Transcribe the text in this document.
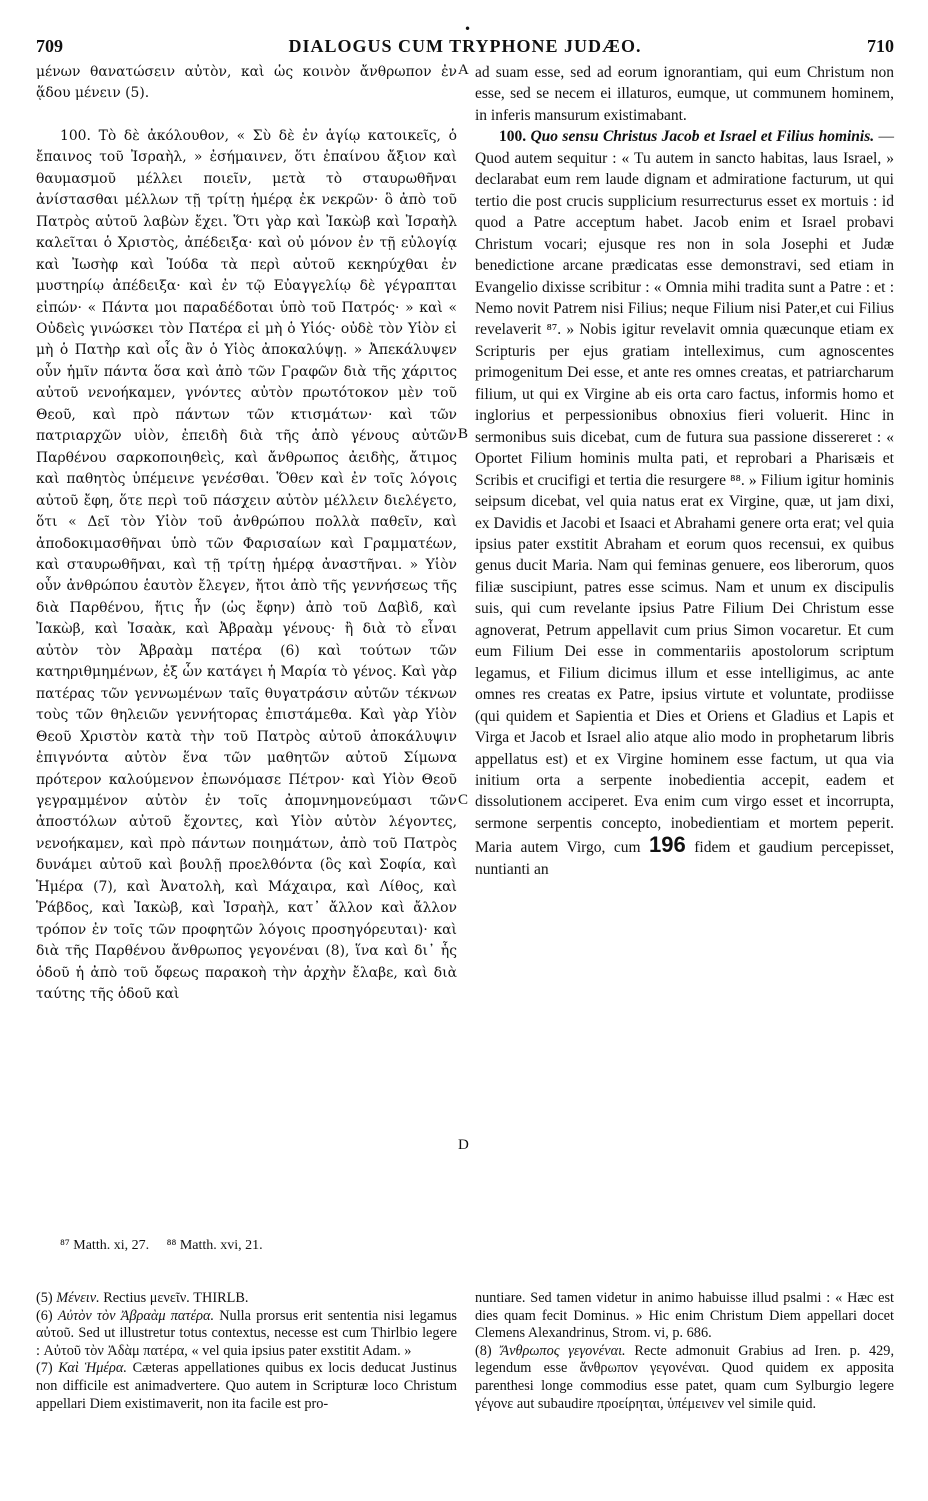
709	DIALOGUS CUM TRYPHONE JUDÆO.	710
•

μένων θανατώσειν αὐτὸν, καὶ ὡς κοινὸν ἄνθρωπον ἐν ᾅδου μένειν (5).

100. Τὸ δὲ ἀκόλουθον, « Σὺ δὲ ἐν ἁγίῳ κατοικεῖς, ὁ ἔπαινος τοῦ Ἰσραὴλ, » ἐσήμαινεν, ὅτι ἐπαίνου ἄξιον καὶ θαυμασμοῦ μέλλει ποιεῖν, μετὰ τὸ σταυρωθῆναι ἀνίστασθαι μέλλων τῇ τρίτῃ ἡμέρᾳ ἐκ νεκρῶν· ὃ ἀπὸ τοῦ Πατρὸς αὐτοῦ λαβὼν ἔχει. Ὅτι γὰρ καὶ Ἰακὼβ καὶ Ἰσραὴλ καλεῖται ὁ Χριστὸς, ἀπέδειξα· καὶ οὐ μόνον ἐν τῇ εὐλογίᾳ καὶ Ἰωσὴφ καὶ Ἰούδα τὰ περὶ αὐτοῦ κεκηρύχθαι ἐν μυστηρίῳ ἀπέδειξα· καὶ ἐν τῷ Εὐαγγελίῳ δὲ γέγραπται εἰπών· « Πάντα μοι παραδέδοται ὑπὸ τοῦ Πατρός· » καὶ « Οὐδεὶς γινώσκει τὸν Πατέρα εἰ μὴ ὁ Υἱός· οὐδὲ τὸν Υἱὸν εἰ μὴ ὁ Πατὴρ καὶ οἷς ἂν ὁ Υἱὸς ἀποκαλύψῃ. » Ἀπεκάλυψεν οὖν ἡμῖν πάντα ὅσα καὶ ἀπὸ τῶν Γραφῶν διὰ τῆς χάριτος αὐτοῦ νενοήκαμεν, γνόντες αὐτὸν πρωτότοκον μὲν τοῦ Θεοῦ, καὶ πρὸ πάντων τῶν κτισμάτων· καὶ τῶν πατριαρχῶν υἱὸν, ἐπειδὴ διὰ τῆς ἀπὸ γένους αὐτῶν Παρθένου σαρκοποιηθεὶς, καὶ ἄνθρωπος ἀειδὴς, ἄτιμος καὶ παθητὸς ὑπέμεινε γενέσθαι. Ὅθεν καὶ ἐν τοῖς λόγοις αὐτοῦ ἔφη, ὅτε περὶ τοῦ πάσχειν αὐτὸν μέλλειν διελέγετο, ὅτι « Δεῖ τὸν Υἱὸν τοῦ ἀνθρώπου πολλὰ παθεῖν, καὶ ἀποδοκιμασθῆναι ὑπὸ τῶν Φαρισαίων καὶ Γραμματέων, καὶ σταυρωθῆναι, καὶ τῇ τρίτῃ ἡμέρᾳ ἀναστῆναι. » Υἱὸν οὖν ἀνθρώπου ἑαυτὸν ἔλεγεν, ἤτοι ἀπὸ τῆς γεννήσεως τῆς διὰ Παρθένου, ἥτις ἦν (ὡς ἔφην) ἀπὸ τοῦ Δαβὶδ, καὶ Ἰακὼβ, καὶ Ἰσαὰκ, καὶ Ἀβραὰμ γένους· ἢ διὰ τὸ εἶναι αὐτὸν τὸν Ἀβραὰμ πατέρα (6) καὶ τούτων τῶν κατηριθμημένων, ἐξ ὧν κατάγει ἡ Μαρία τὸ γένος. Καὶ γὰρ πατέρας τῶν γεννωμένων ταῖς θυγατράσιν αὐτῶν τέκνων τοὺς τῶν θηλειῶν γεννήτορας ἐπιστάμεθα. Καὶ γὰρ Υἱὸν Θεοῦ Χριστὸν κατὰ τὴν τοῦ Πατρὸς αὐτοῦ ἀποκάλυψιν ἐπιγνόντα αὐτὸν ἕνα τῶν μαθητῶν αὐτοῦ Σίμωνα πρότερον καλούμενον ἐπωνόμασε Πέτρον· καὶ Υἱὸν Θεοῦ γεγραμμένον αὐτὸν ἐν τοῖς ἀπομνημονεύμασι τῶν ἀποστόλων αὐτοῦ ἔχοντες, καὶ Υἱὸν αὐτὸν λέγοντες, νενοήκαμεν, καὶ πρὸ πάντων ποιημάτων, ἀπὸ τοῦ Πατρὸς δυνάμει αὐτοῦ καὶ βουλῇ προελθόντα (ὃς καὶ Σοφία, καὶ Ἡμέρα (7), καὶ Ἀνατολὴ, καὶ Μάχαιρα, καὶ Λίθος, καὶ Ῥάβδος, καὶ Ἰακὼβ, καὶ Ἰσραὴλ, κατ᾽ ἄλλον καὶ ἄλλον τρόπον ἐν τοῖς τῶν προφητῶν λόγοις προσηγόρευται)· καὶ διὰ τῆς Παρθένου ἄνθρωπος γεγονέναι (8), ἵνα καὶ δι᾽ ἧς ὁδοῦ ἡ ἀπὸ τοῦ ὄφεως παρακοὴ τὴν ἀρχὴν ἔλαβε, καὶ διὰ ταύτης τῆς ὁδοῦ καὶ

A
B
C
D

ad suam esse, sed ad eorum ignorantiam, qui eum Christum non esse, sed se necem ei illaturos, eumque, ut communem hominem, in inferis mansurum existimabant.

100. Quo sensu Christus Jacob et Israel et Filius hominis. — Quod autem sequitur : « Tu autem in sancto habitas, laus Israel, » declarabat eum rem laude dignam et admiratione facturum, ut qui tertio die post crucis supplicium resurrecturus esset ex mortuis : id quod a Patre acceptum habet. Jacob enim et Israel probavi Christum vocari; ejusque res non in sola Josephi et Judæ benedictione arcane prædicatas esse demonstravi, sed etiam in Evangelio dixisse scribitur : « Omnia mihi tradita sunt a Patre : et : Nemo novit Patrem nisi Filius; neque Filium nisi Pater,et cui Filius revelaverit ⁸⁷. » Nobis igitur revelavit omnia quæcunque etiam ex Scripturis per ejus gratiam intelleximus, cum agnoscentes primogenitum Dei esse, et ante res omnes creatas, et patriarcharum filium, ut qui ex Virgine ab eis orta caro factus, informis homo et inglorius et perpessionibus obnoxius fieri voluerit. Hinc in sermonibus suis dicebat, cum de futura sua passione dissereret : « Oportet Filium hominis multa pati, et reprobari a Pharisæis et Scribis et crucifigi et tertia die resurgere ⁸⁸. » Filium igitur hominis seipsum dicebat, vel quia natus erat ex Virgine, quæ, ut jam dixi, ex Davidis et Jacobi et Isaaci et Abrahami genere orta erat; vel quia ipsius pater exstitit Abraham et eorum quos recensui, ex quibus genus ducit Maria. Nam qui feminas genuere, eos liberorum, quos filiæ suscipiunt, patres esse scimus. Nam et unum ex discipulis suis, qui cum revelante ipsius Patre Filium Dei Christum esse agnoverat, Petrum appellavit cum prius Simon vocaretur. Et cum eum Filium Dei esse in commentariis apostolorum scriptum legamus, et Filium dicimus illum et esse intelligimus, ac ante omnes res creatas ex Patre, ipsius virtute et voluntate, prodiisse (qui quidem et Sapientia et Dies et Oriens et Gladius et Lapis et Virga et Jacob et Israel alio atque alio modo in prophetarum libris appellatus est) et ex Virgine hominem esse factum, ut qua via initium orta a serpente inobedientia accepit, eadem et dissolutionem acciperet. Eva enim cum virgo esset et incorrupta, sermone serpentis concepto, inobedientiam et mortem peperit. Maria autem Virgo, cum 196 fidem et gaudium percepisset, nuntianti an

⁸⁷ Matth. xi, 27. ⁸⁸ Matth. xvi, 21.

(5) Μένειν. Rectius μενεῖν. THIRLB.

(6) Αὐτὸν τὸν Ἀβραὰμ πατέρα. Nulla prorsus erit sententia nisi legamus αὐτοῦ. Sed ut illustretur totus contextus, necesse est cum Thirlbio legere : Αὐτοῦ τὸν Ἀδὰμ πατέρα, « vel quia ipsius pater exstitit Adam. »

(7) Καὶ Ἡμέρα. Cæteras appellationes quibus ex locis deducat Justinus non difficile est animadvertere. Quo autem in Scripturæ loco Christum appellari Diem existimaverit, non ita facile est pro-

nuntiare. Sed tamen videtur in animo habuisse illud psalmi : « Hæc est dies quam fecit Dominus. » Hic enim Christum Diem appellari docet Clemens Alexandrinus, Strom. vi, p. 686.

(8) Ἄνθρωπος γεγονέναι. Recte admonuit Grabius ad Iren. p. 429, legendum esse ἄνθρωπον γεγονέναι. Quod quidem ex apposita parenthesi longe commodius esse patet, quam cum Sylburgio legere γέγονε aut subaudire προείρηται, ὑπέμεινεν vel simile quid.
